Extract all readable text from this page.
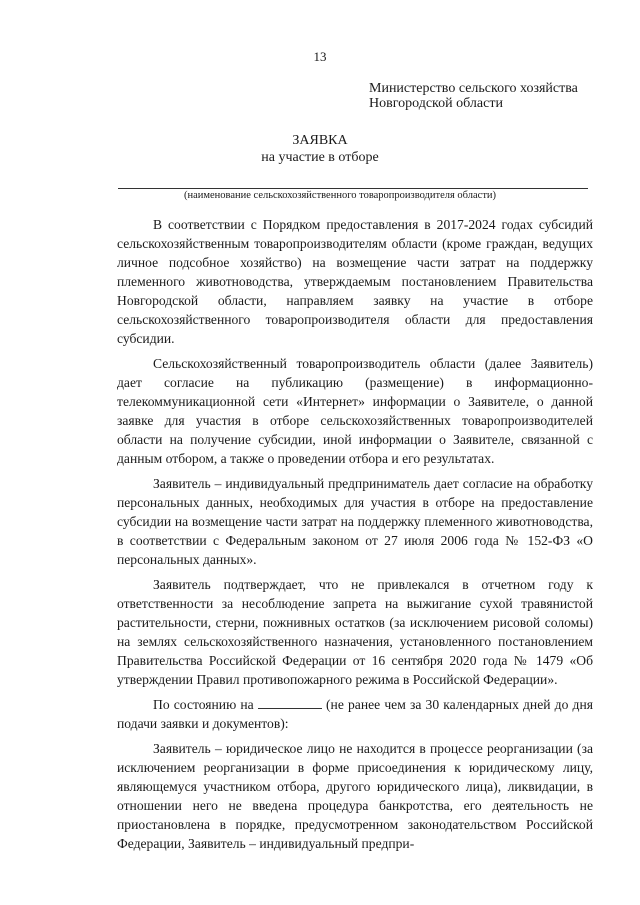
13
Министерство сельского хозяйства
Новгородской области
ЗАЯВКА
на участие в отборе
(наименование сельскохозяйственного товаропроизводителя области)

В соответствии с Порядком предоставления в 2017-2024 годах субсидий сельскохозяйственным товаропроизводителям области (кроме граждан, ведущих личное подсобное хозяйство) на возмещение части затрат на поддержку племенного животноводства, утверждаемым постановлением Правительства Новгородской области, направляем заявку на участие в отборе сельскохозяйственного товаропроизводителя области для предоставления субсидии.

Сельскохозяйственный товаропроизводитель области (далее Заявитель) дает согласие на публикацию (размещение) в информационно-телекоммуникационной сети «Интернет» информации о Заявителе, о данной заявке для участия в отборе сельскохозяйственных товаропроизводителей области на получение субсидии, иной информации о Заявителе, связанной с данным отбором, а также о проведении отбора и его результатах.

Заявитель – индивидуальный предприниматель дает согласие на обработку персональных данных, необходимых для участия в отборе на предоставление субсидии на возмещение части затрат на поддержку племенного животноводства, в соответствии с Федеральным законом от 27 июля 2006 года № 152-ФЗ «О персональных данных».

Заявитель подтверждает, что не привлекался в отчетном году к ответственности за несоблюдение запрета на выжигание сухой травянистой растительности, стерни, пожнивных остатков (за исключением рисовой соломы) на землях сельскохозяйственного назначения, установленного постановлением Правительства Российской Федерации от 16 сентября 2020 года № 1479 «Об утверждении Правил противопожарного режима в Российской Федерации».

По состоянию на	(не ранее чем за 30 календарных дней до дня подачи заявки и документов):

Заявитель – юридическое лицо не находится в процессе реорганизации (за исключением реорганизации в форме присоединения к юридическому лицу, являющемуся участником отбора, другого юридического лица), ликвидации, в отношении него не введена процедура банкротства, его деятельность не приостановлена в порядке, предусмотренном законодательством Российской Федерации, Заявитель – индивидуальный предпри-
